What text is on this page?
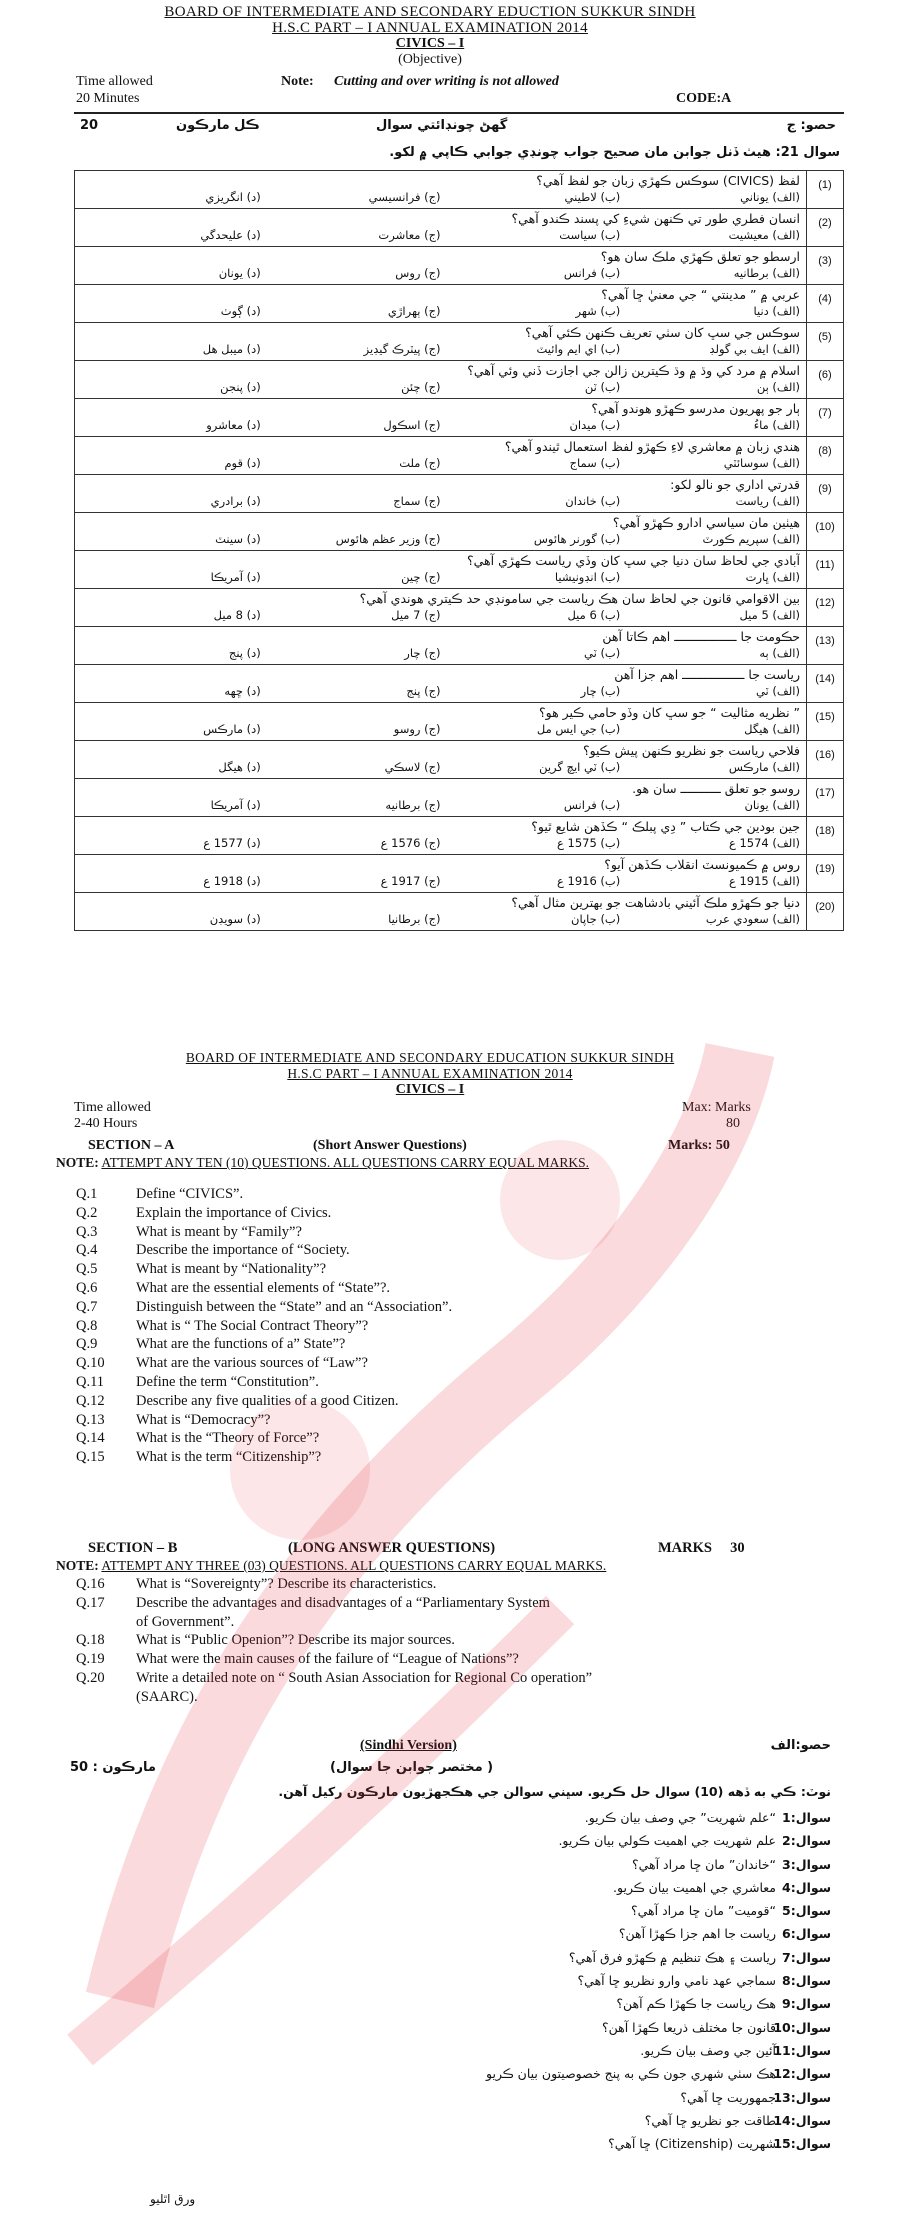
BOARD OF INTERMEDIATE AND SECONDARY EDUCTION SUKKUR SINDH
H.S.C PART – I ANNUAL EXAMINATION 2014
CIVICS – I
(Objective)
Time allowed	Note: Cutting and over writing is not allowed
20 Minutes	CODE:A
حصو: ج
گهڻ چونڊائتي سوال
ڪل مارڪون
20
سوال 21: هيٺ ڏنل جوابن مان صحيح جواب چونڊي جوابي ڪاپي ۾ لکو.
لفظ (CIVICS) سوڪس ڪهڙي زبان جو لفظ آهي؟
(الف) يوناني
(ب) لاطيني
(ج) فرانسيسي
(د) انگريزي	(1)

انسان فطري طور تي ڪنهن شيءِ کي پسند ڪندو آهي؟
(الف) معيشيت
(ب) سياست
(ج) معاشرت
(د) عليحدگي	(2)

ارسطو جو تعلق ڪهڙي ملڪ سان هو؟
(الف) برطانيه
(ب) فرانس
(ج) روس
(د) يونان	(3)

عربي ۾ ” مدينتي “ جي معنيٰ ڇا آهي؟
(الف) دنيا
(ب) شهر
(ج) ٻهراڙي
(د) ڳوٺ	(4)

سوڪس جي سڀ کان سٺي تعريف ڪنهن ڪئي آهي؟
(الف) ايف بي گولڊ
(ب) اي ايم وائيٽ
(ج) پيٽرڪ گيڊيز
(د) ميبل هل	(5)

اسلام ۾ مرد کي وڌ ۾ وڌ ڪيترين زالن جي اجازت ڏني وئي آهي؟
(الف) ٻن
(ب) ٽن
(ج) چئن
(د) پنجن	(6)

ٻار جو پهريون مدرسو ڪهڙو هوندو آهي؟
(الف) ماءُ
(ب) ميدان
(ج) اسڪول
(د) معاشرو	(7)

هندي زبان ۾ معاشري لاءِ ڪهڙو لفظ استعمال ٿيندو آهي؟
(الف) سوسائٽي
(ب) سماج
(ج) ملت
(د) قوم	(8)

قدرتي اداري جو نالو لکو:
(الف) رياست
(ب) خاندان
(ج) سماج
(د) برادري	(9)

هيٺين مان سياسي ادارو ڪهڙو آهي؟
(الف) سپريم ڪورٽ
(ب) گورنر هائوس
(ج) وزير عظم هائوس
(د) سينٽ	(10)

آبادي جي لحاظ سان دنيا جي سڀ کان وڏي رياست ڪهڙي آهي؟
(الف) ڀارت
(ب) انڊونيشيا
(ج) چين
(د) آمريڪا	(11)

بين الاقوامي قانون جي لحاظ سان هڪ رياست جي سامونڊي حد ڪيتري هوندي آهي؟
(الف) 5 ميل
(ب) 6 ميل
(ج) 7 ميل
(د) 8 ميل	(12)

حڪومت جا ـــــــــــــــــ اهم ڪاتا آهن
(الف) ٻه
(ب) ٽي
(ج) چار
(د) پنج	(13)

رياست جا ـــــــــــــــــ اهم جزا آهن
(الف) ٽي
(ب) چار
(ج) پنج
(د) ڇهه	(14)

” نظريه مثاليت “ جو سڀ کان وڏو حامي ڪير هو؟
(الف) هيگل
(ب) جي ايس مل
(ج) روسو
(د) مارڪس	(15)

فلاحي رياست جو نظريو ڪنهن پيش ڪيو؟
(الف) مارڪس
(ب) ٽي ايچ گرين
(ج) لاسڪي
(د) هيگل	(16)

روسو جو تعلق ـــــــــــ سان هو.
(الف) يونان
(ب) فرانس
(ج) برطانيه
(د) آمريڪا	(17)

جين بودين جي ڪتاب ” دِي پبلڪ “ ڪڏهن شايع ٿيو؟
(الف) 1574 ع
(ب) 1575 ع
(ج) 1576 ع
(د) 1577 ع	(18)

روس ۾ ڪميونسٽ انقلاب ڪڏهن آيو؟
(الف) 1915 ع
(ب) 1916 ع
(ج) 1917 ع
(د) 1918 ع	(19)

دنيا جو ڪهڙو ملڪ آئيني بادشاهت جو بهترين مثال آهي؟
(الف) سعودي عرب
(ب) جاپان
(ج) برطانيا
(د) سويڊن	(20)
BOARD OF INTERMEDIATE AND SECONDARY EDUCATION SUKKUR SINDH
H.S.C PART – I ANNUAL EXAMINATION 2014
CIVICS – I
Time allowed	Max: Marks
2-40 Hours	80
SECTION – A	(Short Answer Questions)	Marks: 50
NOTE: ATTEMPT ANY TEN (10) QUESTIONS. ALL QUESTIONS CARRY EQUAL MARKS.
Q.1	Define “CIVICS”.
Q.2	Explain the importance of Civics.
Q.3	What is meant by “Family”?
Q.4	Describe the importance of “Society.
Q.5	What is meant by “Nationality”?
Q.6	What are the essential elements of “State”?.
Q.7	Distinguish between the “State” and an “Association”.
Q.8	What is “ The Social Contract Theory”?
Q.9	What are the functions of a” State”?
Q.10 What are the various sources of “Law”?
Q.11 Define the term “Constitution”.
Q.12 Describe any five qualities of a good Citizen.
Q.13 What is “Democracy”?
Q.14 What is the “Theory of Force”?
Q.15 What is the term “Citizenship”?
SECTION – B	(LONG ANSWER QUESTIONS)	MARKS     30
NOTE: ATTEMPT ANY THREE (03) QUESTIONS. ALL QUESTIONS CARRY EQUAL MARKS.
Q.16 What is “Sovereignty”? Describe its characteristics.
Q.17 Describe the advantages and disadvantages of a “Parliamentary System
of Government”.
Q.18 What is “Public Openion”? Describe its major sources.
Q.19 What were the main causes of the failure of “League of Nations”?
Q.20 Write a detailed note on “ South Asian Association for Regional Co operation”
(SAARC).
(Sindhi Version)	حصو:الف
( مختصر جوابن جا سوال)
مارڪون : 50
نوٽ: ڪي به ڏهه (10) سوال حل ڪريو. سڀني سوالن جي هڪجهڙيون مارڪون رکيل آهن.
سوال:1“علم شهريت” جي وصف بيان ڪريو.
سوال:2علم شهريت جي اهميت ڪولي بيان ڪريو.
سوال:3“خاندان” مان ڇا مراد آهي؟
سوال:4معاشري جي اهميت بيان ڪريو.
سوال:5“قوميت” مان ڇا مراد آهي؟
سوال:6رياست جا اهم جزا ڪهڙا آهن؟
سوال:7رياست ۽ هڪ تنظيم ۾ ڪهڙو فرق آهي؟
سوال:8سماجي عهد نامي وارو نظريو ڇا آهي؟
سوال:9هڪ رياست جا ڪهڙا ڪم آهن؟
سوال:10قانون جا مختلف ذريعا ڪهڙا آهن؟
سوال:11آئين جي وصف بيان ڪريو.
سوال:12هڪ سٺي شهري جون ڪي به پنج خصوصيتون بيان ڪريو
سوال:13جمهوريت ڇا آهي؟
سوال:14طاقت جو نظريو ڇا آهي؟
سوال:15شهريت (Citizenship) ڇا آهي؟
ورق اٿليو
